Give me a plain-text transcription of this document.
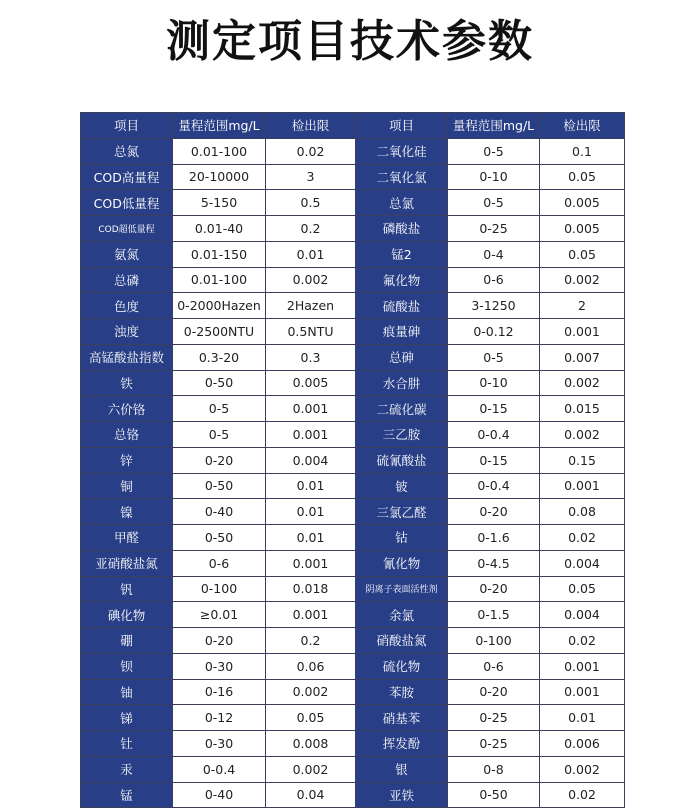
测定项目技术参数
项目	量程范围mg/L	检出限	项目	量程范围mg/L	检出限
总氮	0.01-100	0.02	二氧化硅	0-5	0.1
COD高量程	20-10000	3	二氧化氯	0-10	0.05
COD低量程	5-150	0.5	总氯	0-5	0.005
COD超低量程	0.01-40	0.2	磷酸盐	0-25	0.005
氨氮	0.01-150	0.01	锰2	0-4	0.05
总磷	0.01-100	0.002	氟化物	0-6	0.002
色度	0-2000Hazen	2Hazen	硫酸盐	3-1250	2
浊度	0-2500NTU	0.5NTU	痕量砷	0-0.12	0.001
高锰酸盐指数	0.3-20	0.3	总砷	0-5	0.007
铁	0-50	0.005	水合肼	0-10	0.002
六价铬	0-5	0.001	二硫化碳	0-15	0.015
总铬	0-5	0.001	三乙胺	0-0.4	0.002
锌	0-20	0.004	硫氰酸盐	0-15	0.15
铜	0-50	0.01	铍	0-0.4	0.001
镍	0-40	0.01	三氯乙醛	0-20	0.08
甲醛	0-50	0.01	钴	0-1.6	0.02
亚硝酸盐氮	0-6	0.001	氰化物	0-4.5	0.004
钒	0-100	0.018	阴离子表面活性剂	0-20	0.05
碘化物	≥0.01	0.001	余氯	0-1.5	0.004
硼	0-20	0.2	硝酸盐氮	0-100	0.02
钡	0-30	0.06	硫化物	0-6	0.001
铀	0-16	0.002	苯胺	0-20	0.001
锑	0-12	0.05	硝基苯	0-25	0.01
钍	0-30	0.008	挥发酚	0-25	0.006
汞	0-0.4	0.002	银	0-8	0.002
锰	0-40	0.04	亚铁	0-50	0.02
